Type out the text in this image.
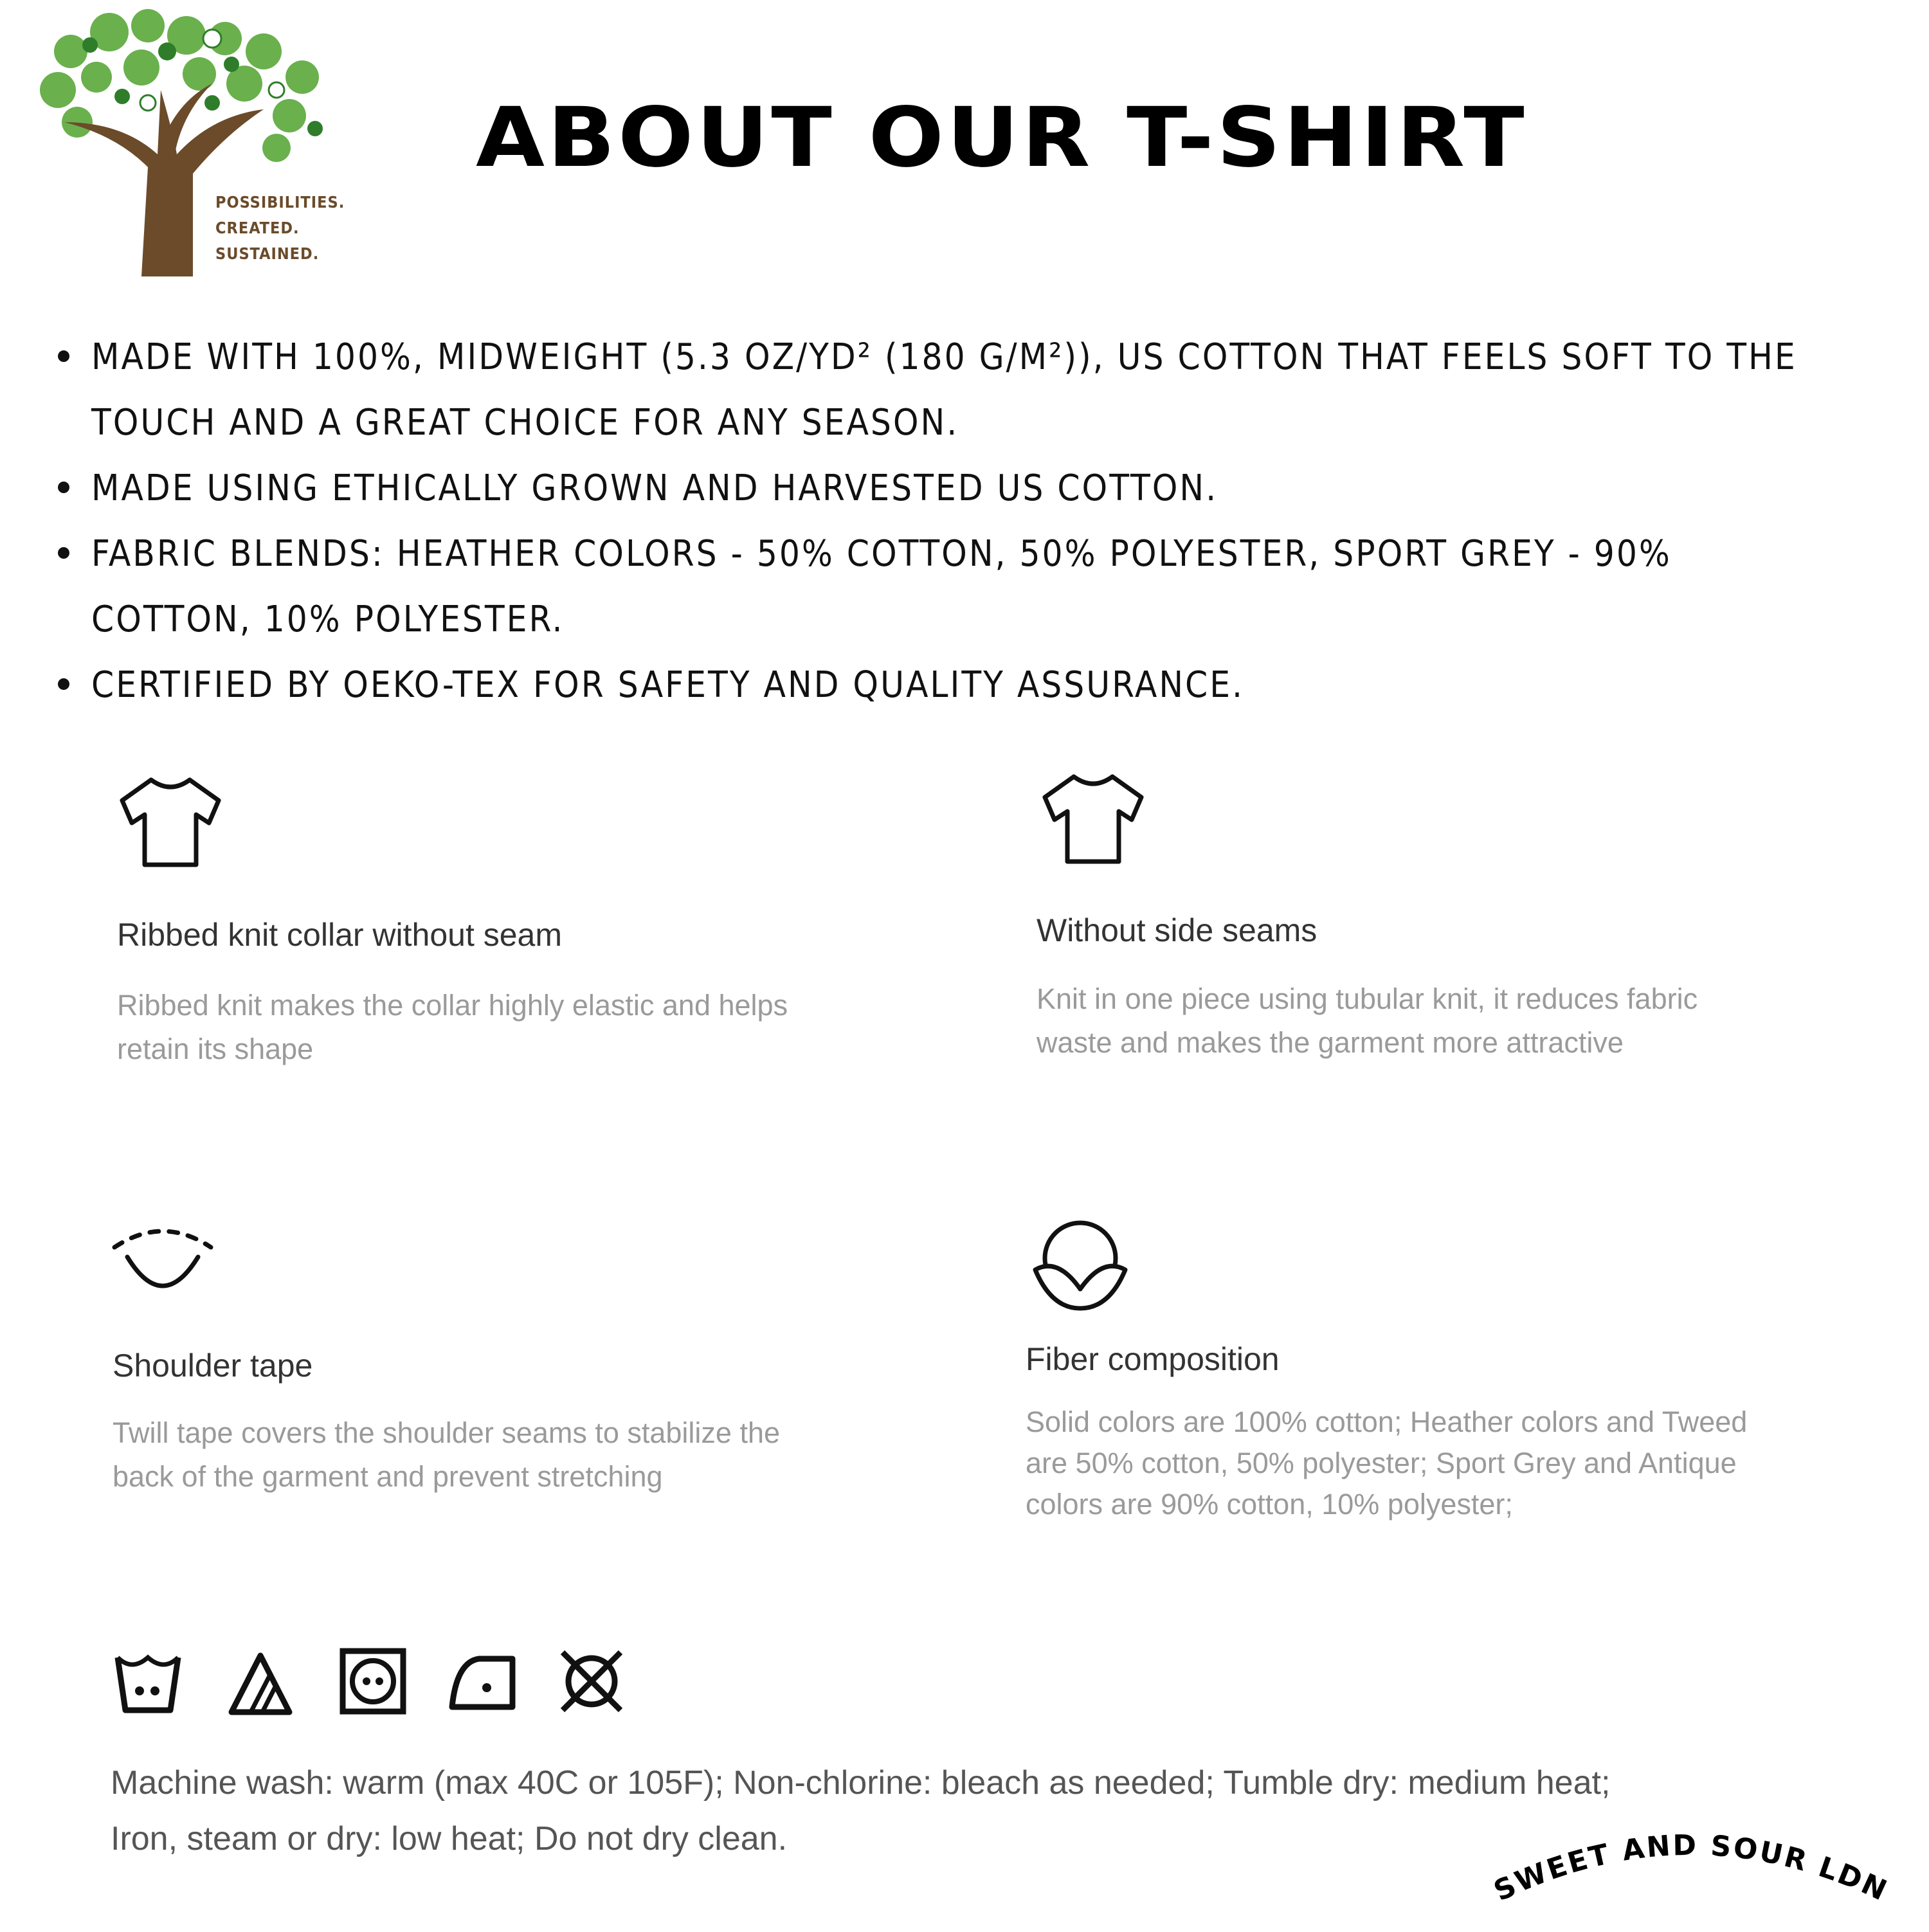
POSSIBILITIES.
CREATED.
SUSTAINED.
ABOUT OUR T-SHIRT
MADE WITH 100%, MIDWEIGHT (5.3 OZ/YD² (180 G/M²)), US COTTON THAT FEELS SOFT TO THE
TOUCH AND A GREAT CHOICE FOR ANY SEASON.
MADE USING ETHICALLY GROWN AND HARVESTED US COTTON.
FABRIC BLENDS: HEATHER COLORS - 50% COTTON, 50% POLYESTER, SPORT GREY - 90%
COTTON, 10% POLYESTER.
CERTIFIED BY OEKO-TEX FOR SAFETY AND QUALITY ASSURANCE.
Ribbed knit collar without seam
Ribbed knit makes the collar highly elastic and helps
retain its shape
Without side seams
Knit in one piece using tubular knit, it reduces fabric
waste and makes the garment more attractive
Shoulder tape
Twill tape covers the shoulder seams to stabilize the
back of the garment and prevent stretching
Fiber composition
Solid colors are 100% cotton; Heather colors and Tweed
are 50% cotton, 50% polyester; Sport Grey and Antique
colors are 90% cotton, 10% polyester;
Machine wash: warm (max 40C or 105F); Non-chlorine: bleach as needed; Tumble dry: medium heat;
Iron, steam or dry: low heat; Do not dry clean.
SWEET AND SOUR LDN
